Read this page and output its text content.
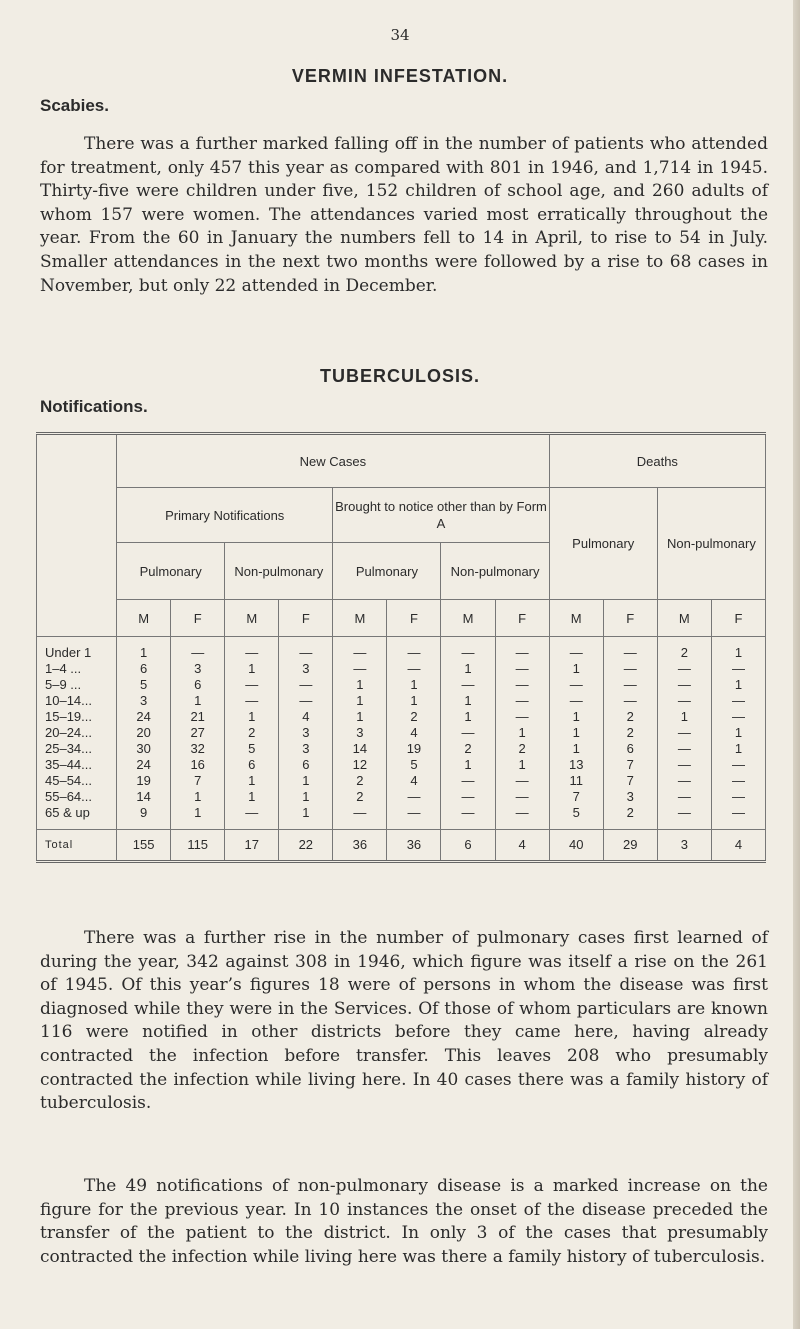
34
VERMIN INFESTATION.
Scabies.

There was a further marked falling off in the number of patients who attended for treatment, only 457 this year as compared with 801 in 1946, and 1,714 in 1945. Thirty-five were children under five, 152 children of school age, and 260 adults of whom 157 were women. The attendances varied most erratically throughout the year. From the 60 in January the numbers fell to 14 in April, to rise to 54 in July. Smaller attendances in the next two months were followed by a rise to 68 cases in November, but only 22 attended in December.

TUBERCULOSIS.
Notifications.
	New Cases								Deaths			
	Primary Notifications				Brought to notice other than by Form A				Pulmonary		Non-pulmonary	
	Pulmonary		Non-pulmonary		Pulmonary		Non-pulmonary					
	M	F	M	F	M	F	M	F	M	F	M	F
Under 1	1	—	—	—	—	—	—	—	—	—	2	1
1–4 ...	6	3	1	3	—	—	1	—	1	—	—	—
5–9 ...	5	6	—	—	1	1	—	—	—	—	—	1
10–14...	3	1	—	—	1	1	1	—	—	—	—	—
15–19...	24	21	1	4	1	2	1	—	1	2	1	—
20–24...	20	27	2	3	3	4	—	1	1	2	—	1
25–34...	30	32	5	3	14	19	2	2	1	6	—	1
35–44...	24	16	6	6	12	5	1	1	13	7	—	—
45–54...	19	7	1	1	2	4	—	—	11	7	—	—
55–64...	14	1	1	1	2	—	—	—	7	3	—	—
65 & up	9	1	—	1	—	—	—	—	5	2	—	—
Total	155	115	17	22	36	36	6	4	40	29	3	4

There was a further rise in the number of pulmonary cases first learned of during the year, 342 against 308 in 1946, which figure was itself a rise on the 261 of 1945. Of this year’s figures 18 were of persons in whom the disease was first diagnosed while they were in the Services. Of those of whom particulars are known 116 were notified in other districts before they came here, having already contracted the infection before transfer. This leaves 208 who presumably contracted the infection while living here. In 40 cases there was a family history of tuberculosis.

The 49 notifications of non-pulmonary disease is a marked increase on the figure for the previous year. In 10 instances the onset of the disease preceded the transfer of the patient to the district. In only 3 of the cases that presumably contracted the infection while living here was there a family history of tuberculosis.
